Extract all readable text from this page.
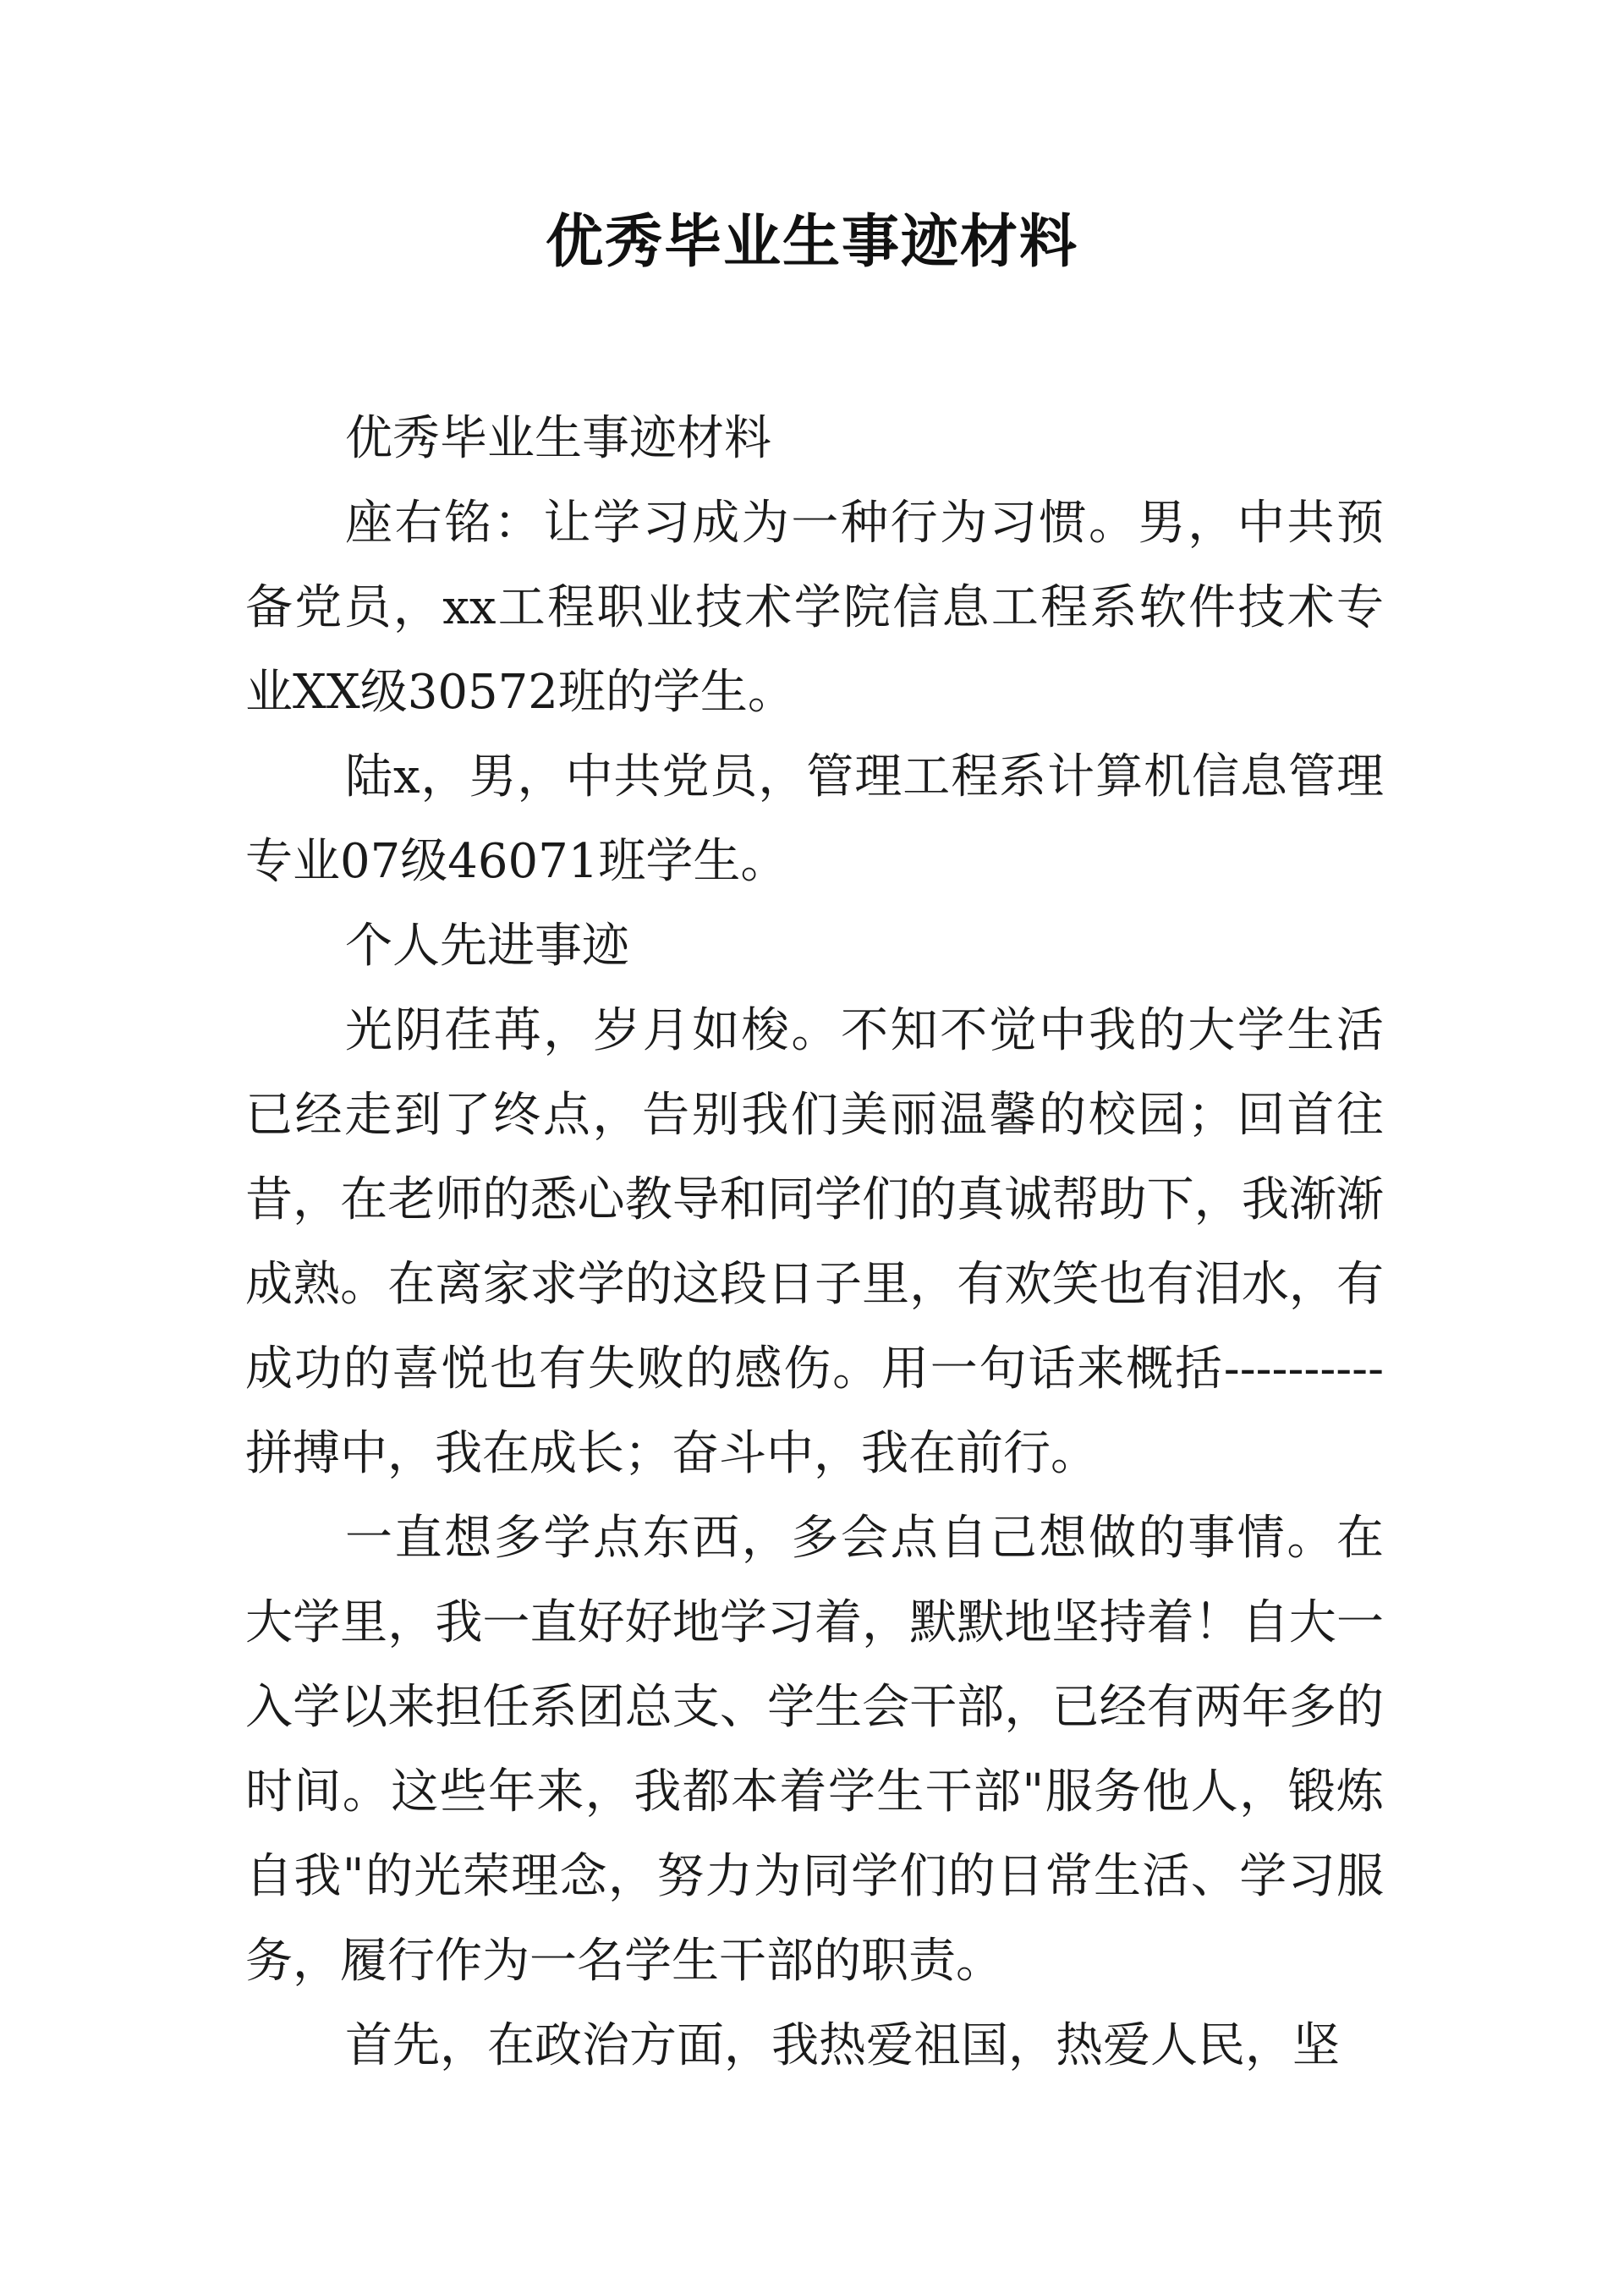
优秀毕业生事迹材料

优秀毕业生事迹材料

座右铭：让学习成为一种行为习惯。男，中共预备党员，xx工程职业技术学院信息工程系软件技术专业XX级30572班的学生。

陆x，男，中共党员，管理工程系计算机信息管理专业07级46071班学生。

个人先进事迹

光阴荏苒，岁月如梭。不知不觉中我的大学生活已经走到了终点，告别我们美丽温馨的校园；回首往昔，在老师的悉心教导和同学们的真诚帮助下，我渐渐成熟。在离家求学的这段日子里，有欢笑也有泪水，有成功的喜悦也有失败的感伤。用一句话来概括----------拼搏中，我在成长；奋斗中，我在前行。

一直想多学点东西，多会点自己想做的事情。在大学里，我一直好好地学习着，默默地坚持着！自大一入学以来担任系团总支、学生会干部，已经有两年多的时间。这些年来，我都本着学生干部"服务他人，锻炼自我"的光荣理念，努力为同学们的日常生活、学习服务，履行作为一名学生干部的职责。

首先，在政治方面，我热爱祖国，热爱人民，坚
